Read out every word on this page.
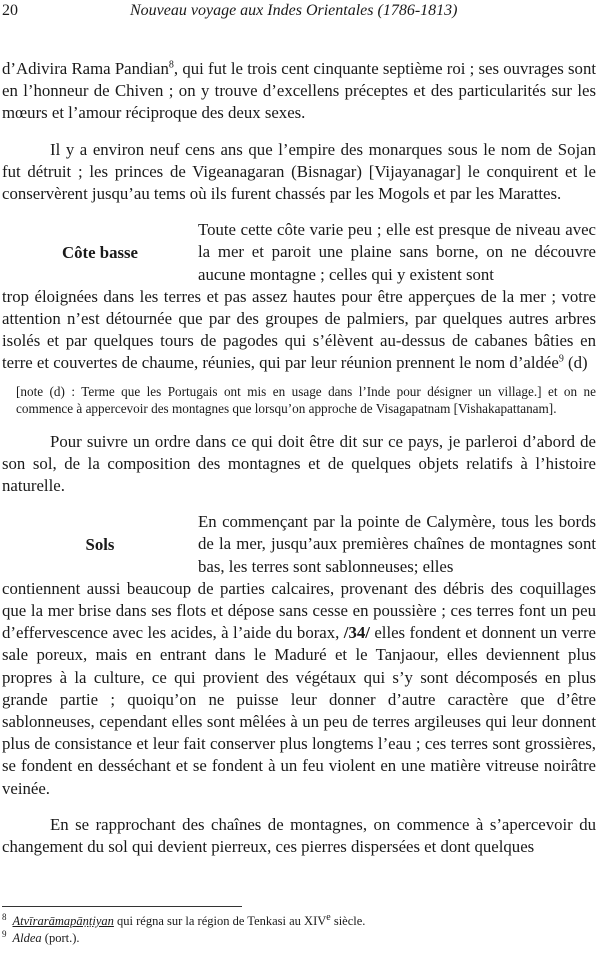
20	Nouveau voyage aux Indes Orientales (1786-1813)

d’Adivira Rama Pandian$^8$, qui fut le trois cent cinquante septième roi ; ses ouvrages sont en l’honneur de Chiven ; on y trouve d’excellens préceptes et des particularités sur les mœurs et l’amour réciproque des deux sexes.

Il y a environ neuf cens ans que l’empire des monarques sous le nom de Sojan fut détruit ; les princes de Vigeanagaran (Bisnagar) [Vijayanagar] le conquirent et le conservèrent jusqu’au tems où ils furent chassés par les Mogols et par les Marattes.

Côte basse

Toute cette côte varie peu ; elle est presque de niveau avec la mer et paroit une plaine sans borne, on ne découvre aucune montagne ; celles qui y existent sont

trop éloignées dans les terres et pas assez hautes pour être apperçues de la mer ; votre attention n’est détournée que par des groupes de palmiers, par quelques autres arbres isolés et par quelques tours de pagodes qui s’élèvent au-dessus de cabanes bâties en terre et couvertes de chaume, réunies, qui par leur réunion prennent le nom d’aldée$^9$ (d)

[note (d) : Terme que les Portugais ont mis en usage dans l’Inde pour désigner un village.] et on ne commence à appercevoir des montagnes que lorsqu’on approche de Visagapatnam [Vishakapattanam].

Pour suivre un ordre dans ce qui doit être dit sur ce pays, je parleroi d’abord de son sol, de la composition des montagnes et de quelques objets relatifs à l’histoire naturelle.

Sols

En commençant par la pointe de Calymère, tous les bords de la mer, jusqu’aux premières chaînes de montagnes sont bas, les terres sont sablonneuses; elles

contiennent aussi beaucoup de parties calcaires, provenant des débris des coquillages que la mer brise dans ses flots et dépose sans cesse en poussière ; ces terres font un peu d’effervescence avec les acides, à l’aide du borax, /34/ elles fondent et donnent un verre sale poreux, mais en entrant dans le Maduré et le Tanjaour, elles deviennent plus propres à la culture, ce qui provient des végétaux qui s’y sont décomposés en plus grande partie ; quoiqu’on ne puisse leur donner d’autre caractère que d’être sablonneuses, cependant elles sont mêlées à un peu de terres argileuses qui leur donnent plus de consistance et leur fait conserver plus longtems l’eau ; ces terres sont grossières, se fondent en desséchant et se fondent à un feu violent en une matière vitreuse noirâtre veinée.

En se rapprochant des chaînes de montagnes, on commence à s’apercevoir du changement du sol qui devient pierreux, ces pierres dispersées et dont quelques

$^8$ Atvīrarāmapāṇṭiyaṉ qui régna sur la région de Tenkasi au XIVe siècle.
$^9$ Aldea (port.).
